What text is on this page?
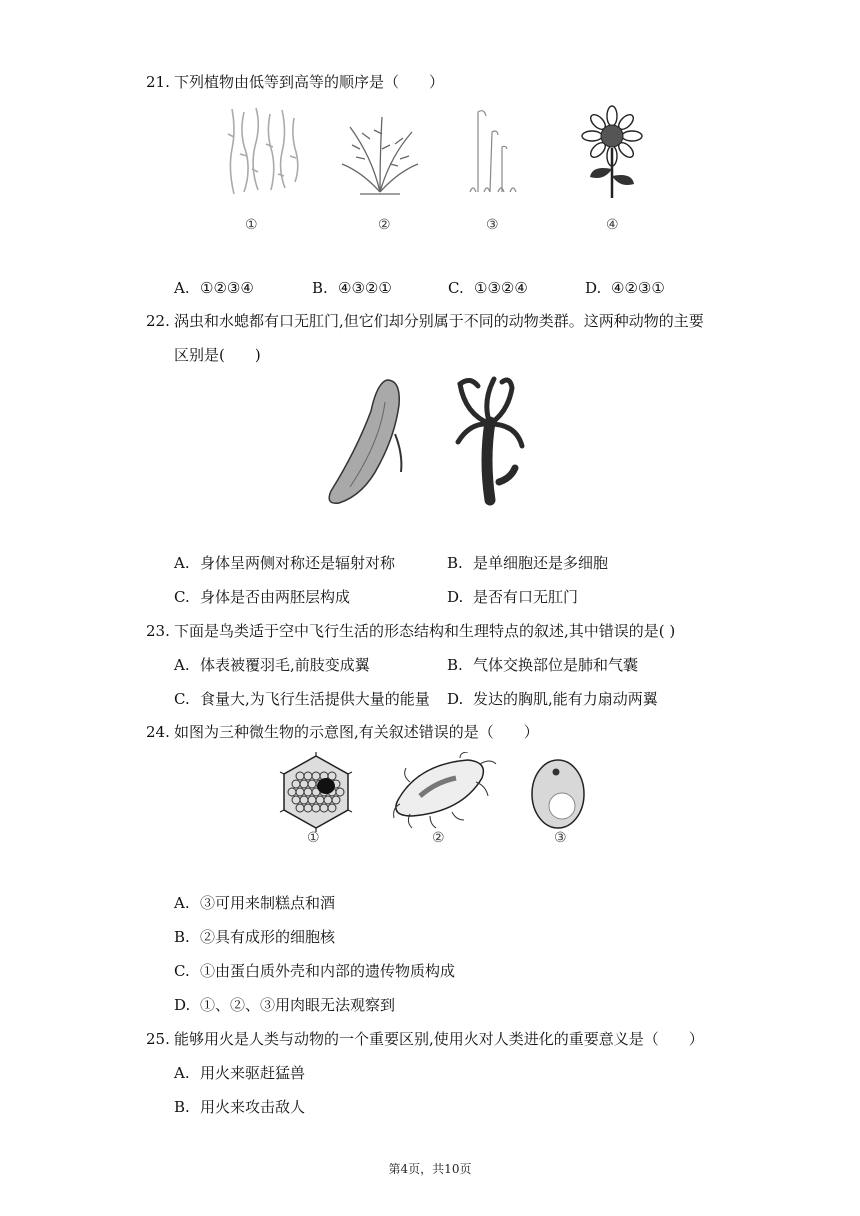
21. 下列植物由低等到高等的顺序是（　　）
①	②	③	④
A. ①②③④	B. ④③②①	C. ①③②④	D. ④②③①
22. 涡虫和水螅都有口无肛门,但它们却分别属于不同的动物类群。这两种动物的主要
区别是(　　)
A. 身体呈两侧对称还是辐射对称	B. 是单细胞还是多细胞
C. 身体是否由两胚层构成	D. 是否有口无肛门
23. 下面是鸟类适于空中飞行生活的形态结构和生理特点的叙述,其中错误的是( )
A. 体表被覆羽毛,前肢变成翼	B. 气体交换部位是肺和气囊
C. 食量大,为飞行生活提供大量的能量 D. 发达的胸肌,能有力扇动两翼
24. 如图为三种微生物的示意图,有关叙述错误的是（　　）
①	②	③
A. ③可用来制糕点和酒
B. ②具有成形的细胞核
C. ①由蛋白质外壳和内部的遗传物质构成
D. ①、②、③用肉眼无法观察到
25. 能够用火是人类与动物的一个重要区别,使用火对人类进化的重要意义是（　　）
A. 用火来驱赶猛兽
B. 用火来攻击敌人
第4页，共10页
